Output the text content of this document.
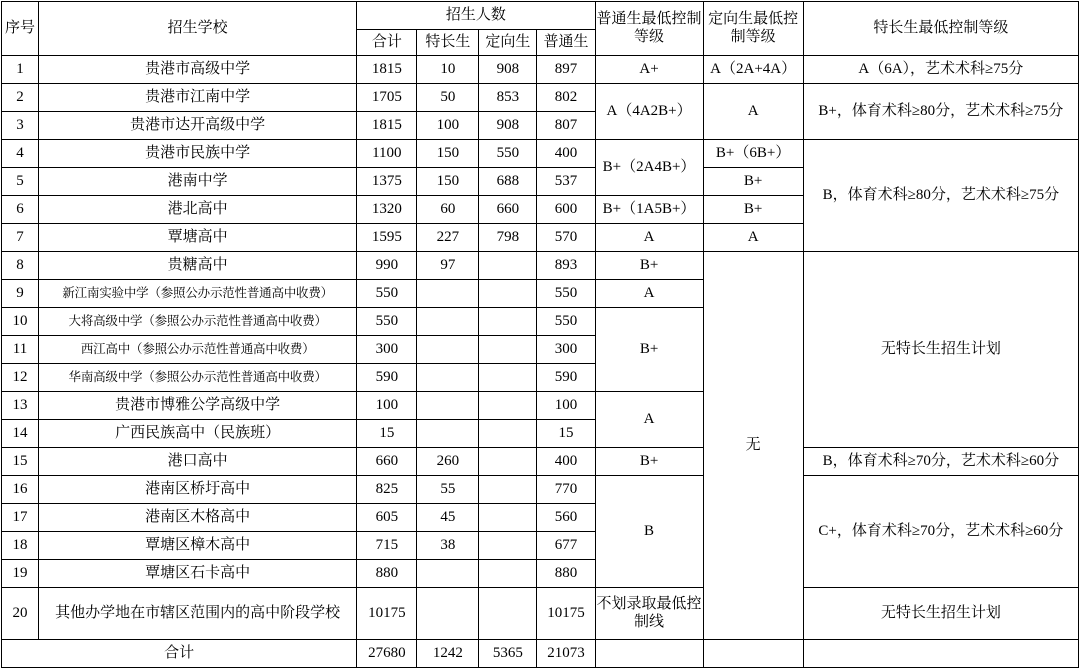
序号	招生学校	招生人数				普通生最低控制等级	定向生最低控制等级	特长生最低控制等级
		合计	特长生	定向生	普通生			
1	贵港市高级中学	1815	10	908	897	A+	A（2A+4A）	A（6A），艺术术科≥75分
2	贵港市江南中学	1705	50	853	802	A（4A2B+）	A	B+，体育术科≥80分，艺术术科≥75分
3	贵港市达开高级中学	1815	100	908	807			
4	贵港市民族中学	1100	150	550	400	B+（2A4B+）	B+（6B+）	B，体育术科≥80分，艺术术科≥75分
5	港南中学	1375	150	688	537		B+	
6	港北高中	1320	60	660	600	B+（1A5B+）	B+	
7	覃塘高中	1595	227	798	570	A	A	
8	贵糖高中	990	97		893	B+	无	无特长生招生计划
9	新江南实验中学（参照公办示范性普通高中收费）	550			550	A		
10	大将高级中学（参照公办示范性普通高中收费）	550			550	B+		
11	西江高中（参照公办示范性普通高中收费）	300			300			
12	华南高级中学（参照公办示范性普通高中收费）	590			590			
13	贵港市博雅公学高级中学	100			100	A		
14	广西民族高中（民族班）	15			15			
15	港口高中	660	260		400	B+		B，体育术科≥70分，艺术术科≥60分
16	港南区桥圩高中	825	55		770	B		C+，体育术科≥70分，艺术术科≥60分
17	港南区木格高中	605	45		560			
18	覃塘区樟木高中	715	38		677			
19	覃塘区石卡高中	880			880			
20	其他办学地在市辖区范围内的高中阶段学校	10175			10175	不划录取最低控制线		无特长生招生计划
合计		27680	1242	5365	21073			
